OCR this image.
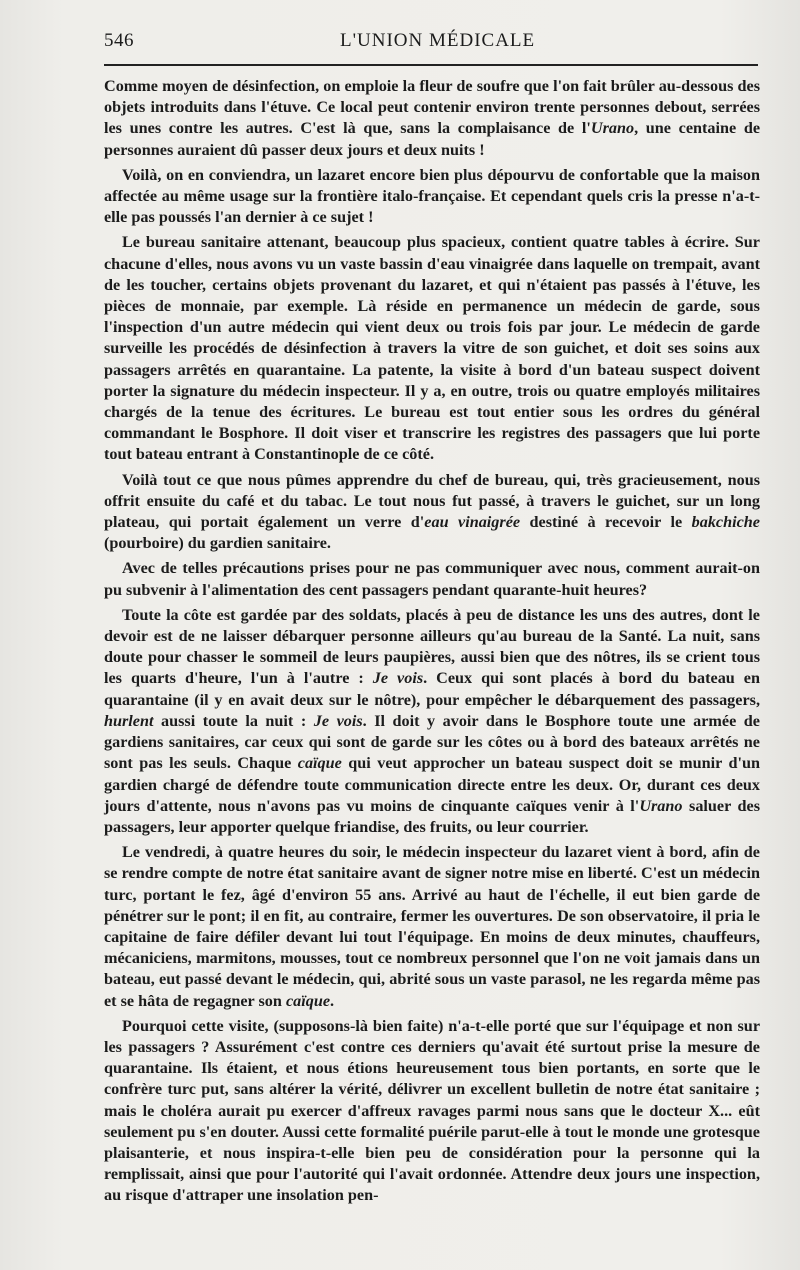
546	L'UNION MÉDICALE

Comme moyen de désinfection, on emploie la fleur de soufre que l'on fait brûler au-dessous des objets introduits dans l'étuve. Ce local peut contenir environ trente personnes debout, serrées les unes contre les autres. C'est là que, sans la complaisance de l'Urano, une centaine de personnes auraient dû passer deux jours et deux nuits !

Voilà, on en conviendra, un lazaret encore bien plus dépourvu de confortable que la maison affectée au même usage sur la frontière italo-française. Et cependant quels cris la presse n'a-t-elle pas poussés l'an dernier à ce sujet !

Le bureau sanitaire attenant, beaucoup plus spacieux, contient quatre tables à écrire. Sur chacune d'elles, nous avons vu un vaste bassin d'eau vinaigrée dans laquelle on trempait, avant de les toucher, certains objets provenant du lazaret, et qui n'étaient pas passés à l'étuve, les pièces de monnaie, par exemple. Là réside en permanence un médecin de garde, sous l'inspection d'un autre médecin qui vient deux ou trois fois par jour. Le médecin de garde surveille les procédés de désinfection à travers la vitre de son guichet, et doit ses soins aux passagers arrêtés en quarantaine. La patente, la visite à bord d'un bateau suspect doivent porter la signature du médecin inspecteur. Il y a, en outre, trois ou quatre employés militaires chargés de la tenue des écritures. Le bureau est tout entier sous les ordres du général commandant le Bosphore. Il doit viser et transcrire les registres des passagers que lui porte tout bateau entrant à Constantinople de ce côté.

Voilà tout ce que nous pûmes apprendre du chef de bureau, qui, très gracieusement, nous offrit ensuite du café et du tabac. Le tout nous fut passé, à travers le guichet, sur un long plateau, qui portait également un verre d'eau vinaigrée destiné à recevoir le bakchiche (pourboire) du gardien sanitaire.

Avec de telles précautions prises pour ne pas communiquer avec nous, comment aurait-on pu subvenir à l'alimentation des cent passagers pendant quarante-huit heures?

Toute la côte est gardée par des soldats, placés à peu de distance les uns des autres, dont le devoir est de ne laisser débarquer personne ailleurs qu'au bureau de la Santé. La nuit, sans doute pour chasser le sommeil de leurs paupières, aussi bien que des nôtres, ils se crient tous les quarts d'heure, l'un à l'autre : Je vois. Ceux qui sont placés à bord du bateau en quarantaine (il y en avait deux sur le nôtre), pour empêcher le débarquement des passagers, hurlent aussi toute la nuit : Je vois. Il doit y avoir dans le Bosphore toute une armée de gardiens sanitaires, car ceux qui sont de garde sur les côtes ou à bord des bateaux arrêtés ne sont pas les seuls. Chaque caïque qui veut approcher un bateau suspect doit se munir d'un gardien chargé de défendre toute communication directe entre les deux. Or, durant ces deux jours d'attente, nous n'avons pas vu moins de cinquante caïques venir à l'Urano saluer des passagers, leur apporter quelque friandise, des fruits, ou leur courrier.

Le vendredi, à quatre heures du soir, le médecin inspecteur du lazaret vient à bord, afin de se rendre compte de notre état sanitaire avant de signer notre mise en liberté. C'est un médecin turc, portant le fez, âgé d'environ 55 ans. Arrivé au haut de l'échelle, il eut bien garde de pénétrer sur le pont; il en fit, au contraire, fermer les ouvertures. De son observatoire, il pria le capitaine de faire défiler devant lui tout l'équipage. En moins de deux minutes, chauffeurs, mécaniciens, marmitons, mousses, tout ce nombreux personnel que l'on ne voit jamais dans un bateau, eut passé devant le médecin, qui, abrité sous un vaste parasol, ne les regarda même pas et se hâta de regagner son caïque.

Pourquoi cette visite, (supposons-là bien faite) n'a-t-elle porté que sur l'équipage et non sur les passagers ? Assurément c'est contre ces derniers qu'avait été surtout prise la mesure de quarantaine. Ils étaient, et nous étions heureusement tous bien portants, en sorte que le confrère turc put, sans altérer la vérité, délivrer un excellent bulletin de notre état sanitaire ; mais le choléra aurait pu exercer d'affreux ravages parmi nous sans que le docteur X... eût seulement pu s'en douter. Aussi cette formalité puérile parut-elle à tout le monde une grotesque plaisanterie, et nous inspira-t-elle bien peu de considération pour la personne qui la remplissait, ainsi que pour l'autorité qui l'avait ordonnée. Attendre deux jours une inspection, au risque d'attraper une insolation pen-
